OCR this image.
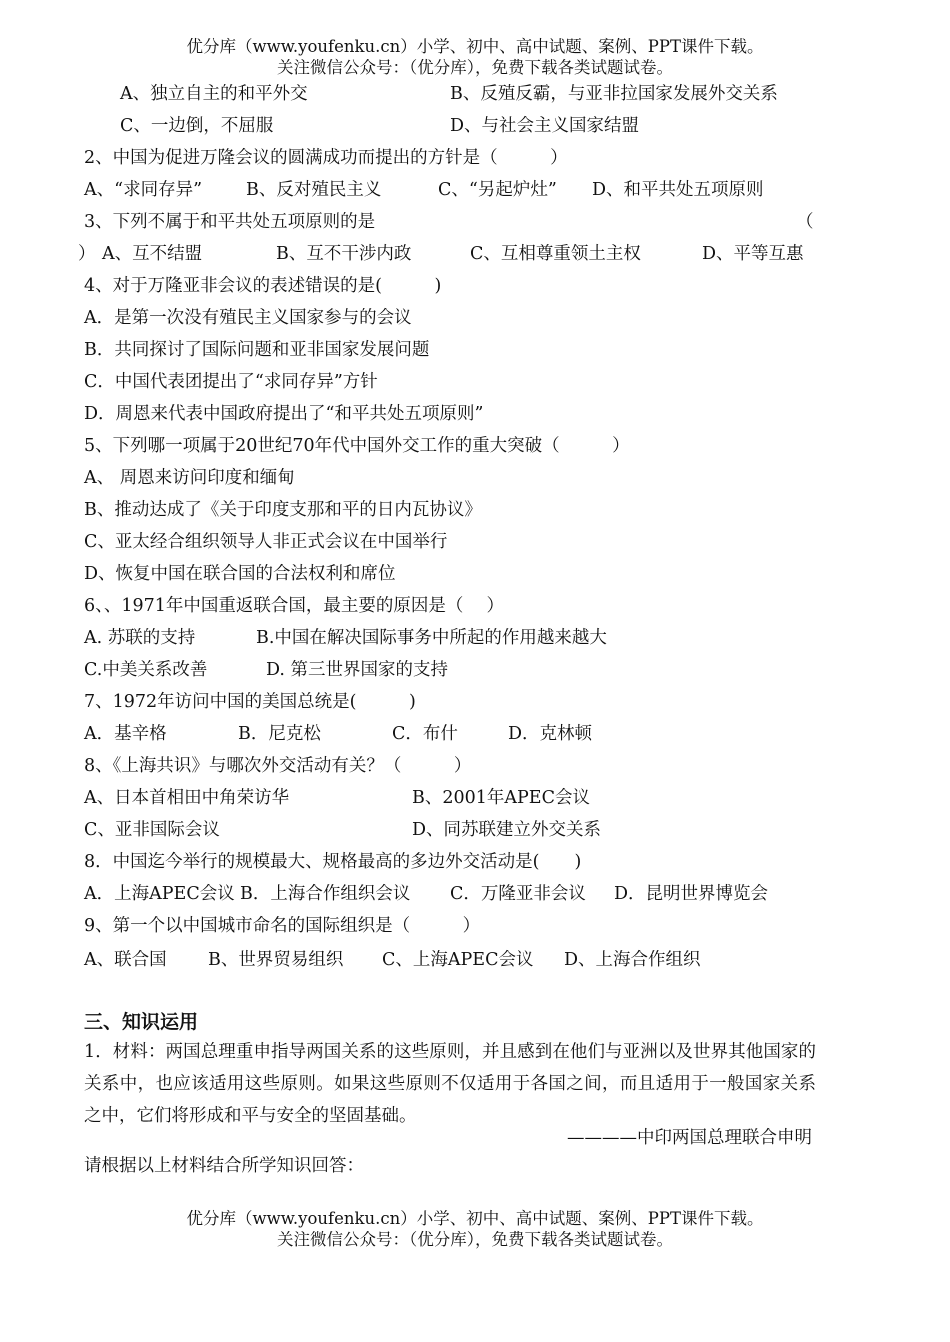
优分库（www.youfenku.cn）小学、初中、高中试题、案例、PPT课件下载。
关注微信公众号：（优分库），免费下载各类试题试卷。
A、独立自主的和平外交	B、反殖反霸，与亚非拉国家发展外交关系
C、一边倒，不屈服	D、与社会主义国家结盟
2、中国为促进万隆会议的圆满成功而提出的方针是（　　　）
A、“求同存异”	B、反对殖民主义	C、“另起炉灶” D、和平共处五项原则
3、下列不属于和平共处五项原则的是	（
） A、互不结盟	B、互不干涉内政	C、互相尊重领土主权	D、平等互惠
4、对于万隆亚非会议的表述错误的是(　　　)
A．是第一次没有殖民主义国家参与的会议
B．共同探讨了国际问题和亚非国家发展问题
C．中国代表团提出了“求同存异”方针
D．周恩来代表中国政府提出了“和平共处五项原则”
5、下列哪一项属于20世纪70年代中国外交工作的重大突破（　　　）
A、 周恩来访问印度和缅甸
B、推动达成了《关于印度支那和平的日内瓦协议》
C、亚太经合组织领导人非正式会议在中国举行
D、恢复中国在联合国的合法权利和席位
6、、1971年中国重返联合国，最主要的原因是（　 ）
A. 苏联的支持	B.中国在解决国际事务中所起的作用越来越大
C.中美关系改善	D. 第三世界国家的支持
7、1972年访问中国的美国总统是(　　　)
A．基辛格	B．尼克松	C．布什	D．克林顿
8、《上海共识》与哪次外交活动有关？（　　　）
A、日本首相田中角荣访华	B、2001年APEC会议
C、亚非国际会议	D、同苏联建立外交关系
8．中国迄今举行的规模最大、规格最高的多边外交活动是(　　)
A．上海APEC会议 B．上海合作组织会议 C．万隆亚非会议 D．昆明世界博览会
9、第一个以中国城市命名的国际组织是（　　　）
A、联合国 B、世界贸易组织 C、上海APEC会议 D、上海合作组织
三、知识运用
1．材料：两国总理重申指导两国关系的这些原则，并且感到在他们与亚洲以及世界其他国家的关系中，也应该适用这些原则。如果这些原则不仅适用于各国之间，而且适用于一般国家关系之中，它们将形成和平与安全的坚固基础。
————中印两国总理联合申明
请根据以上材料结合所学知识回答：
优分库（www.youfenku.cn）小学、初中、高中试题、案例、PPT课件下载。
关注微信公众号：（优分库），免费下载各类试题试卷。
